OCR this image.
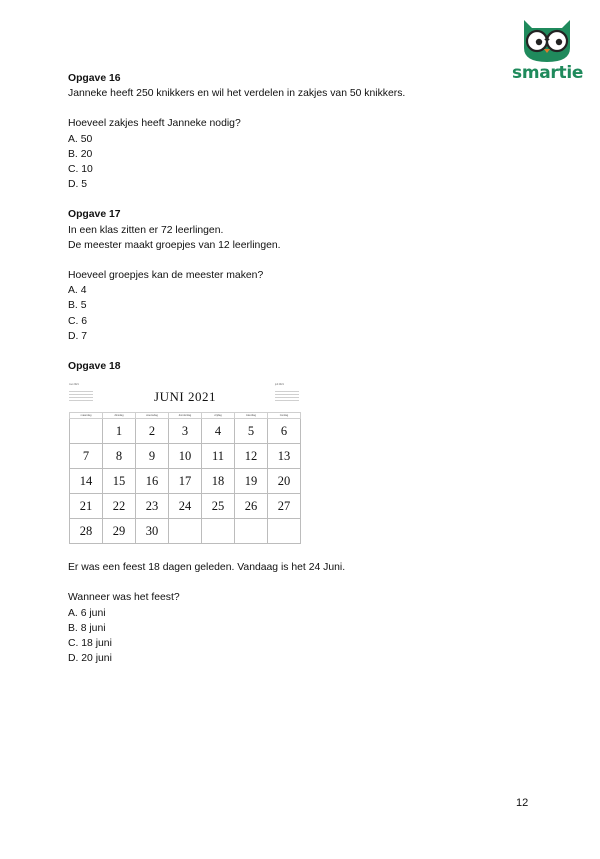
smartie

Opgave 16

Janneke heeft 250 knikkers en wil het verdelen in zakjes van 50 knikkers.

Hoeveel zakjes heeft Janneke nodig?

A. 50

B. 20

C. 10

D. 5

Opgave 17

In een klas zitten er 72 leerlingen.

De meester maakt groepjes van 12 leerlingen.

Hoeveel groepjes kan de meester maken?

A. 4

B. 5

C. 6

D. 7

Opgave 18

mei 2021
JUNI 2021
juli 2021
maandag	dinsdag	woensdag	donderdag	vrijdag	zaterdag	zondag
	1	2	3	4	5	6
7	8	9	10	11	12	13
14	15	16	17	18	19	20
21	22	23	24	25	26	27
28	29	30				

Er was een feest 18 dagen geleden. Vandaag is het 24 Juni.

Wanneer was het feest?

A. 6 juni

B. 8 juni

C. 18 juni

D. 20 juni

12
